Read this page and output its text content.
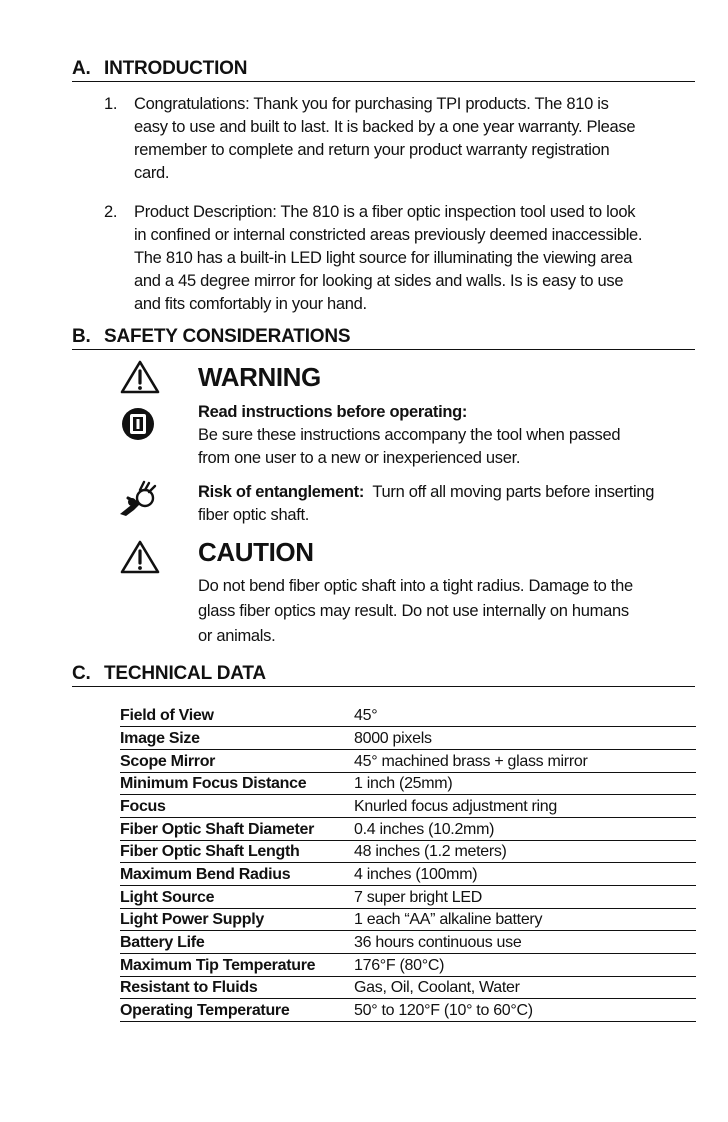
A. INTRODUCTION
1. Congratulations: Thank you for purchasing TPI products. The 810 is
easy to use and built to last. It is backed by a one year warranty. Please
remember to complete and return your product warranty registration
card.
2. Product Description: The 810 is a fiber optic inspection tool used to look
in confined or internal constricted areas previously deemed inaccessible.
The 810 has a built-in LED light source for illuminating the viewing area
and a 45 degree mirror for looking at sides and walls. Is is easy to use
and fits comfortably in your hand.
B. SAFETY CONSIDERATIONS
WARNING
Read instructions before operating:
Be sure these instructions accompany the tool when passed
from one user to a new or inexperienced user.
Risk of entanglement:  Turn off all moving parts before inserting
fiber optic shaft.
CAUTION
Do not bend fiber optic shaft into a tight radius. Damage to the
glass fiber optics may result. Do not use internally on humans
or animals.
C. TECHNICAL DATA
Field of View	45°
Image Size	8000 pixels
Scope Mirror	45° machined brass + glass mirror
Minimum Focus Distance	1 inch (25mm)
Focus	Knurled focus adjustment ring
Fiber Optic Shaft Diameter	0.4 inches (10.2mm)
Fiber Optic Shaft Length	48 inches (1.2 meters)
Maximum Bend Radius	4 inches (100mm)
Light Source	7 super bright LED
Light Power Supply	1 each “AA” alkaline battery
Battery Life	36 hours continuous use
Maximum Tip Temperature	176°F (80°C)
Resistant to Fluids	Gas, Oil, Coolant, Water
Operating Temperature	50° to 120°F (10° to 60°C)
